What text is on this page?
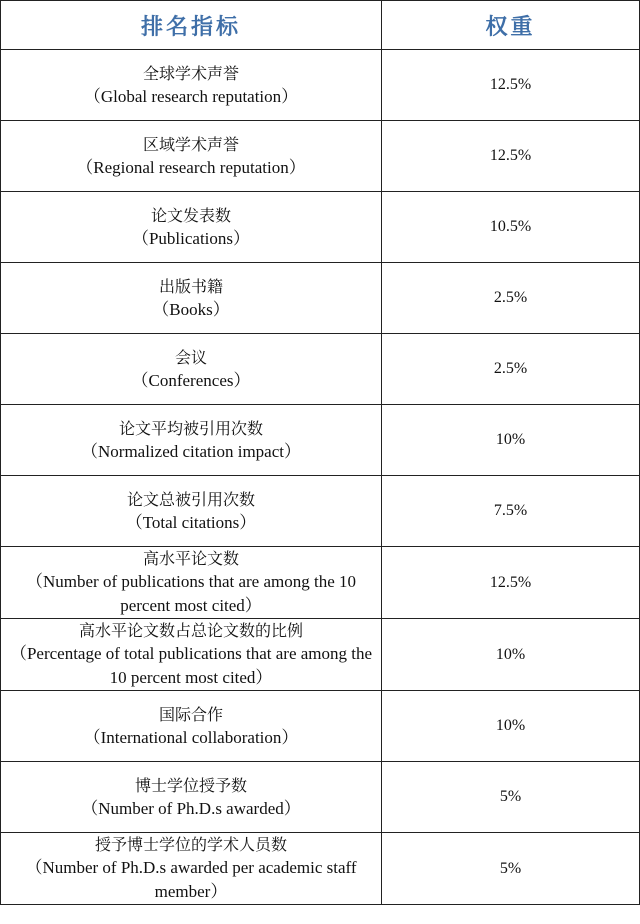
排名指标	权重

全球学术声誉
（Global research reputation）	12.5%

区域学术声誉
（Regional research reputation）	12.5%

论文发表数
（Publications）	10.5%

出版书籍
（Books）	2.5%

会议
（Conferences）	2.5%

论文平均被引用次数
（Normalized citation impact）	10%

论文总被引用次数
（Total citations）	7.5%

高水平论文数
（Number of publications that are among the 10 percent most cited）	12.5%

高水平论文数占总论文数的比例
（Percentage of total publications that are among the 10 percent most cited）	10%

国际合作
（International collaboration）	10%

博士学位授予数
（Number of Ph.D.s awarded）	5%

授予博士学位的学术人员数
（Number of Ph.D.s awarded per academic staff member）	5%
